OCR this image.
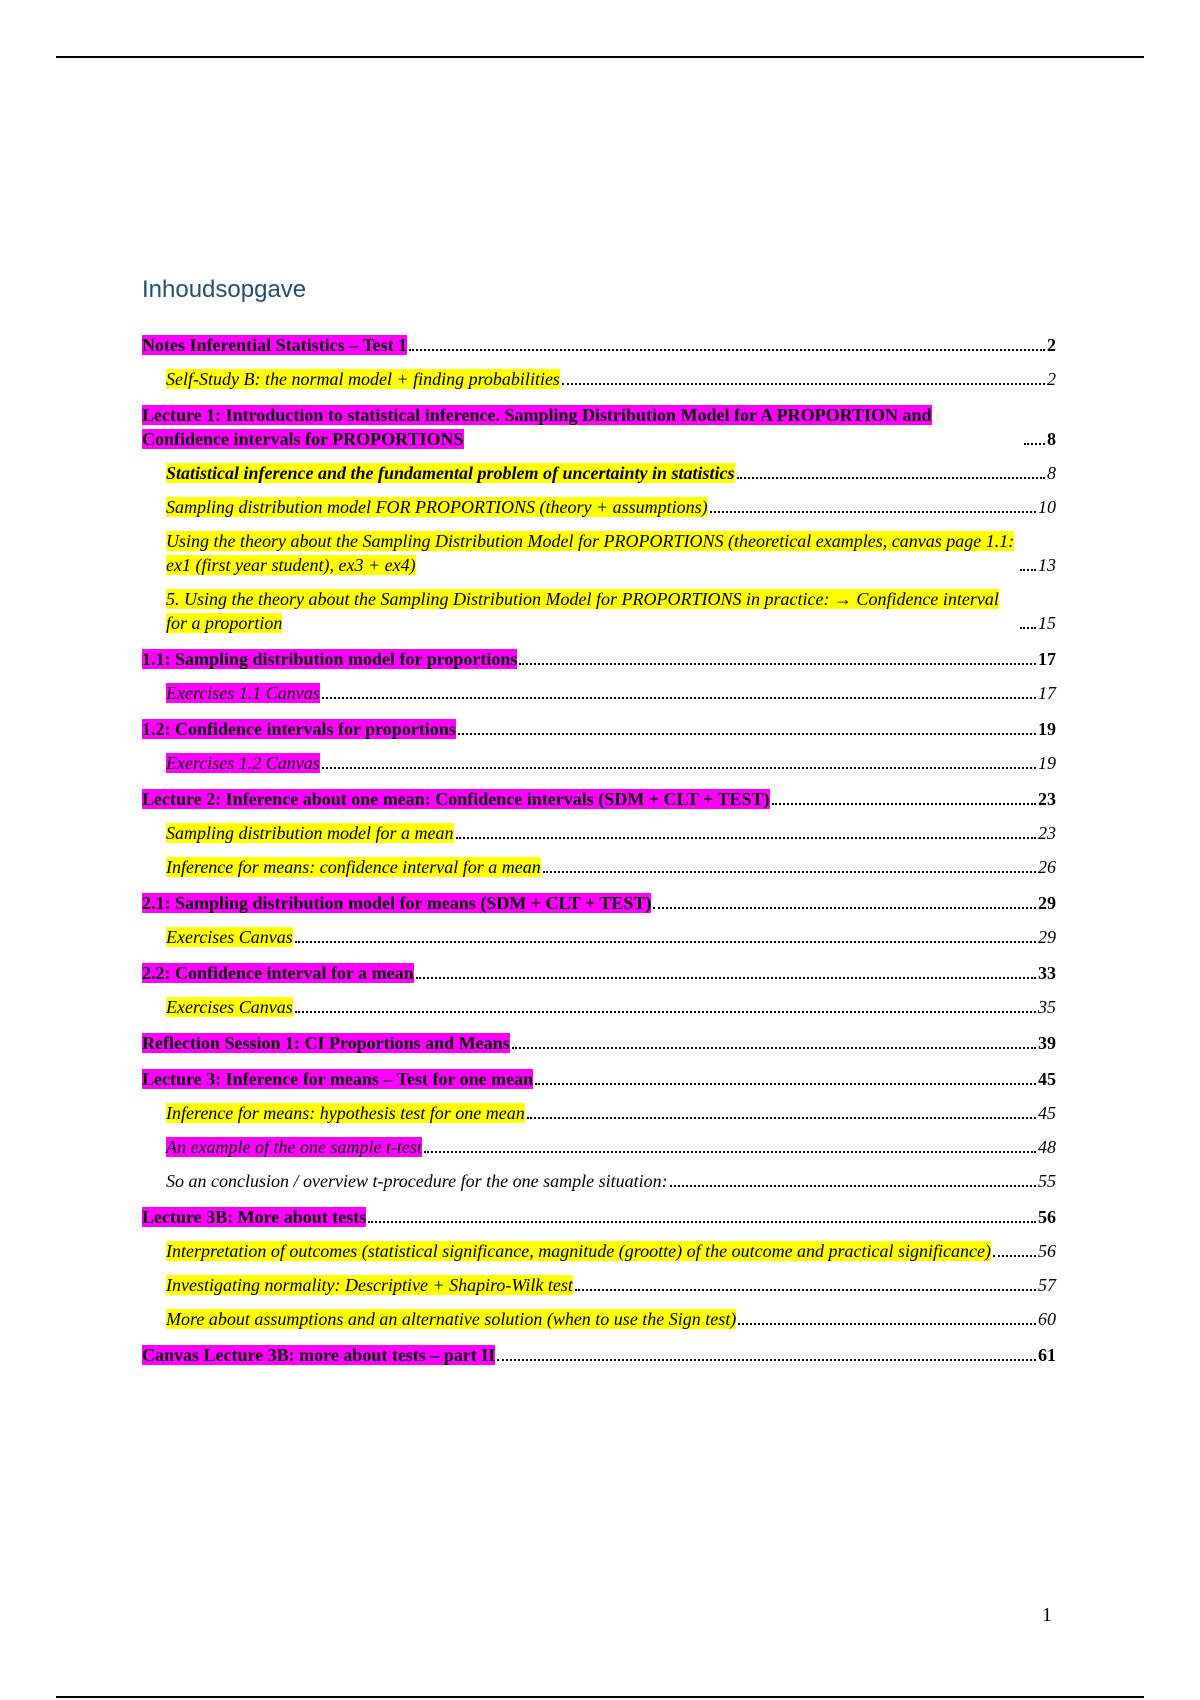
Inhoudsopgave
Notes Inferential Statistics – Test 1	2
Self-Study B: the normal model + finding probabilities	2
Lecture 1: Introduction to statistical inference. Sampling Distribution Model for A PROPORTION and Confidence intervals for PROPORTIONS	8
Statistical inference and the fundamental problem of uncertainty in statistics	8
Sampling distribution model FOR PROPORTIONS (theory + assumptions)	10
Using the theory about the Sampling Distribution Model for PROPORTIONS (theoretical examples, canvas page 1.1: ex1 (first year student), ex3 + ex4)	13
5. Using the theory about the Sampling Distribution Model for PROPORTIONS in practice: → Confidence interval for a proportion	15
1.1: Sampling distribution model for proportions	17
Exercises 1.1 Canvas	17
1.2: Confidence intervals for proportions	19
Exercises 1.2 Canvas	19
Lecture 2: Inference about one mean: Confidence intervals (SDM + CLT + TEST)	23
Sampling distribution model for a mean	23
Inference for means: confidence interval for a mean	26
2.1: Sampling distribution model for means (SDM + CLT + TEST)	29
Exercises Canvas	29
2.2: Confidence interval for a mean	33
Exercises Canvas	35
Reflection Session 1: CI Proportions and Means	39
Lecture 3: Inference for means – Test for one mean	45
Inference for means: hypothesis test for one mean	45
An example of the one sample t-test	48
So an conclusion / overview t-procedure for the one sample situation:	55
Lecture 3B: More about tests	56
Interpretation of outcomes (statistical significance, magnitude (grootte) of the outcome and practical significance)	56
Investigating normality: Descriptive + Shapiro-Wilk test	57
More about assumptions and an alternative solution (when to use the Sign test)	60
Canvas Lecture 3B: more about tests – part II	61
1
